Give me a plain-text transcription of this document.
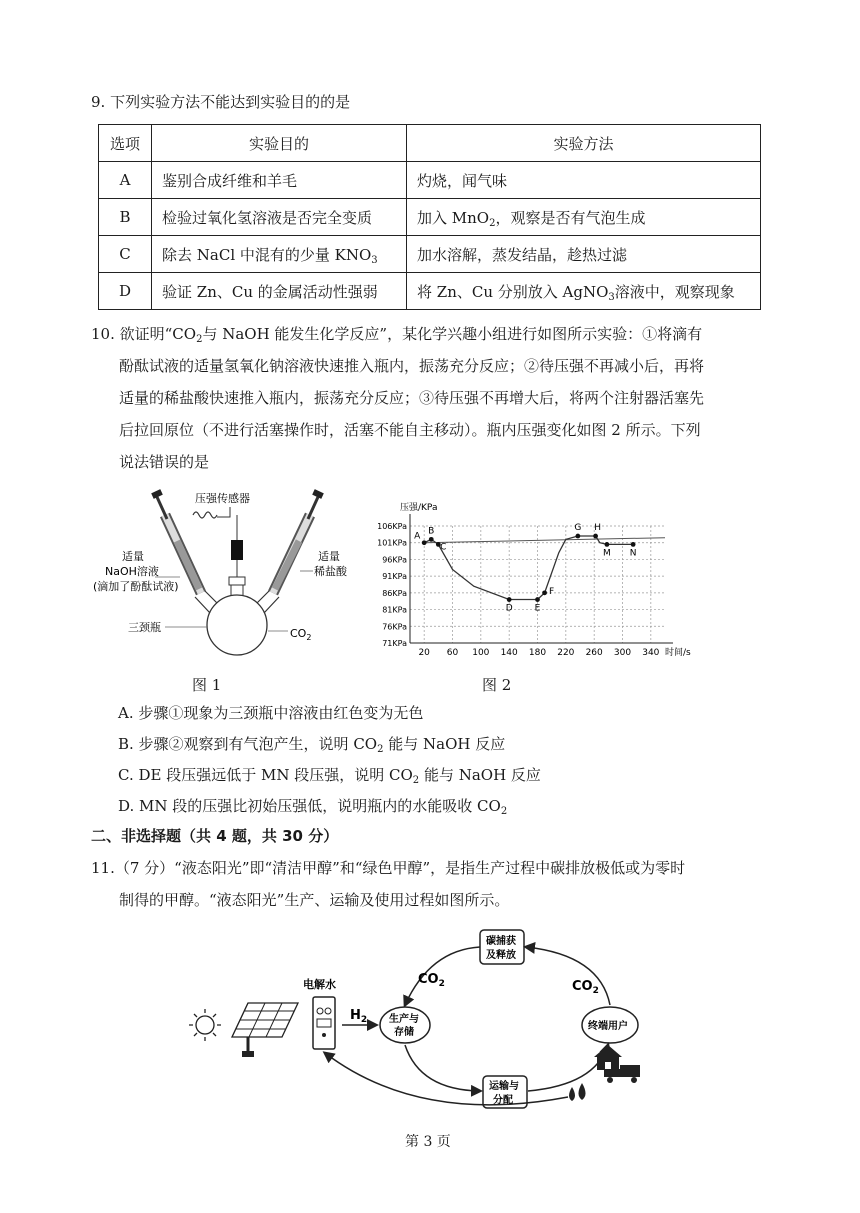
9. 下列实验方法不能达到实验目的的是
选项	实验目的	实验方法
A	鉴别合成纤维和羊毛	灼烧，闻气味
B	检验过氧化氢溶液是否完全变质	加入 MnO$_2$，观察是否有气泡生成
C	除去 NaCl 中混有的少量 $KNO_3$	加水溶解，蒸发结晶，趁热过滤
D	验证 Zn、Cu 的金属活动性强弱	将 Zn、Cu 分别放入 AgNO$_3$溶液中，观察现象
10. 欲证明“$CO_2$与 NaOH 能发生化学反应”，某化学兴趣小组进行如图所示实验：①将滴有
酚酞试液的适量氢氧化钠溶液快速推入瓶内，振荡充分反应；②待压强不再减小后，再将
适量的稀盐酸快速推入瓶内，振荡充分反应；③待压强不再增大后，将两个注射器活塞先
后拉回原位（不进行活塞操作时，活塞不能自主移动）。瓶内压强变化如图 2 所示。下列
说法错误的是
压强传感器
适量
NaOH溶液
(滴加了酚酞试液)
适量
稀盐酸
三颈瓶	$CO_2$
图 1
20 60 100 140 180 220 260 300 340
71KPa
76KPa
81KPa
86KPa
91KPa
96KPa
101KPa
106KPa
A
B
C
D E
F
G H
M N
压强/KPa
时间/s
图 2
A. 步骤①现象为三颈瓶中溶液由红色变为无色
B. 步骤②观察到有气泡产生，说明 $CO_2$ 能与 NaOH 反应
C. DE 段压强远低于 MN 段压强，说明 $CO_2$ 能与 NaOH 反应
D. MN 段的压强比初始压强低，说明瓶内的水能吸收 $CO_2$
二、非选择题（共 4 题，共 30 分）
11.（7 分）“液态阳光”即“清洁甲醇”和“绿色甲醇”，是指生产过程中碳排放极低或为零时
制得的甲醇。“液态阳光”生产、运输及使用过程如图所示。
电解水
$H_2$ 生产与
存储
碳捕获
及释放
终端用户
运输与
分配
$CO_2$	$CO_2$
第 3 页
